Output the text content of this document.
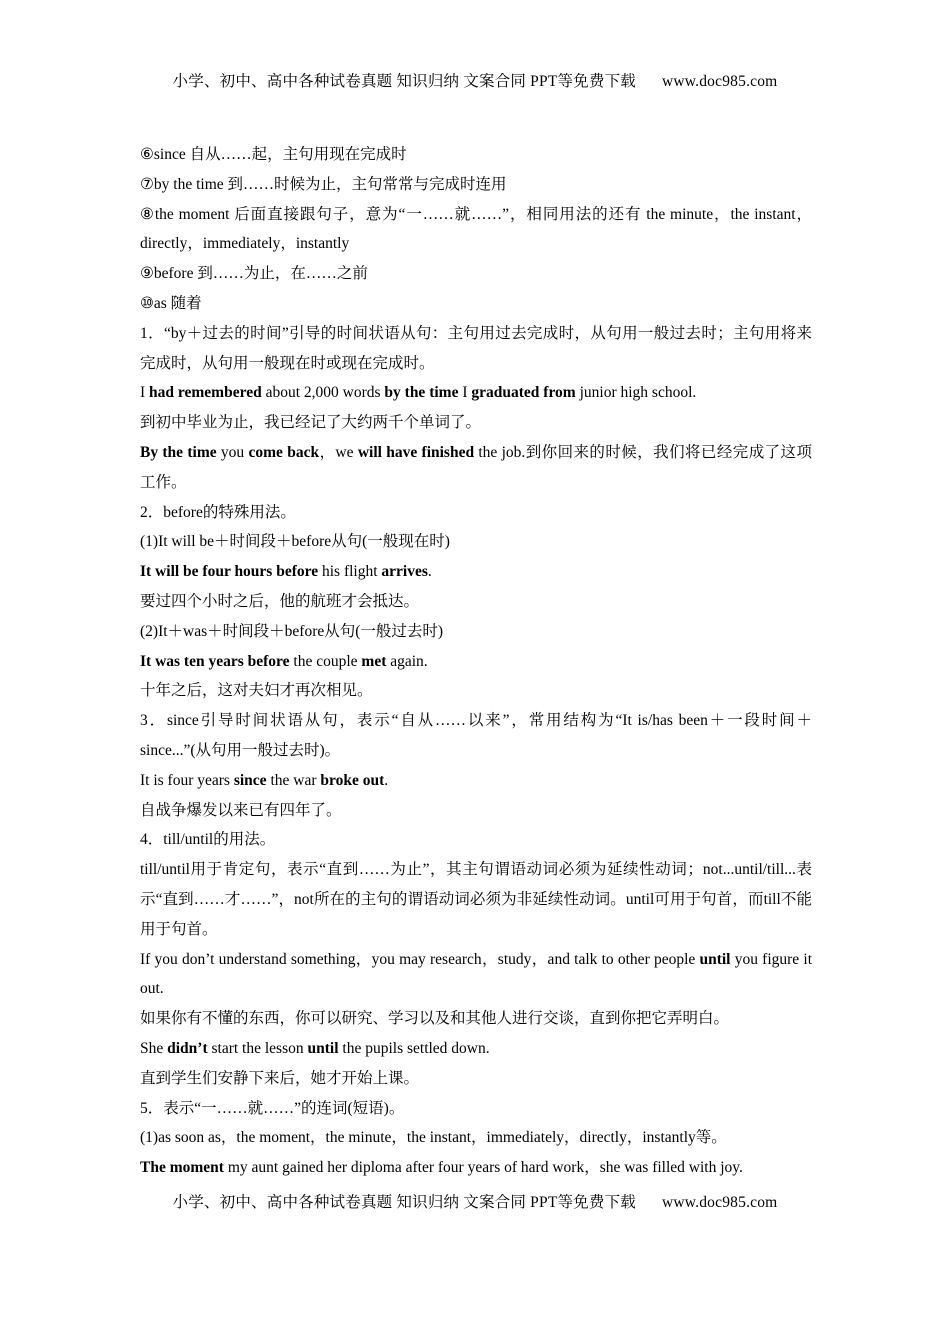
小学、初中、高中各种试卷真题 知识归纳 文案合同 PPT等免费下载 www.doc985.com

⑥since 自从……起，主句用现在完成时

⑦by the time 到……时候为止，主句常常与完成时连用

⑧the moment 后面直接跟句子，意为“一……就……”，相同用法的还有 the minute，the instant，directly，immediately，instantly

⑨before 到……为止，在……之前

⑩as 随着

1．“by＋过去的时间”引导的时间状语从句：主句用过去完成时，从句用一般过去时；主句用将来完成时，从句用一般现在时或现在完成时。

I had remembered about 2,000 words by the time I graduated from junior high school.

到初中毕业为止，我已经记了大约两千个单词了。

By the time you come back，we will have finished the job.到你回来的时候，我们将已经完成了这项工作。

2．before的特殊用法。

(1)It will be＋时间段＋before从句(一般现在时)

It will be four hours before his flight arrives.

要过四个小时之后，他的航班才会抵达。

(2)It＋was＋时间段＋before从句(一般过去时)

It was ten years before the couple met again.

十年之后，这对夫妇才再次相见。

3．since引导时间状语从句，表示“自从……以来”，常用结构为“It is/has been＋一段时间＋since...”(从句用一般过去时)。

It is four years since the war broke out.

自战争爆发以来已有四年了。

4．till/until的用法。

till/until用于肯定句，表示“直到……为止”，其主句谓语动词必须为延续性动词；not...until/till...表示“直到……才……”，not所在的主句的谓语动词必须为非延续性动词。until可用于句首，而till不能用于句首。

If you don’t understand something，you may research，study，and talk to other people until you figure it out.

如果你有不懂的东西，你可以研究、学习以及和其他人进行交谈，直到你把它弄明白。

She didn’t start the lesson until the pupils settled down.

直到学生们安静下来后，她才开始上课。

5．表示“一……就……”的连词(短语)。

(1)as soon as，the moment，the minute，the instant，immediately，directly，instantly等。

The moment my aunt gained her diploma after four years of hard work，she was filled with joy.

小学、初中、高中各种试卷真题 知识归纳 文案合同 PPT等免费下载 www.doc985.com
